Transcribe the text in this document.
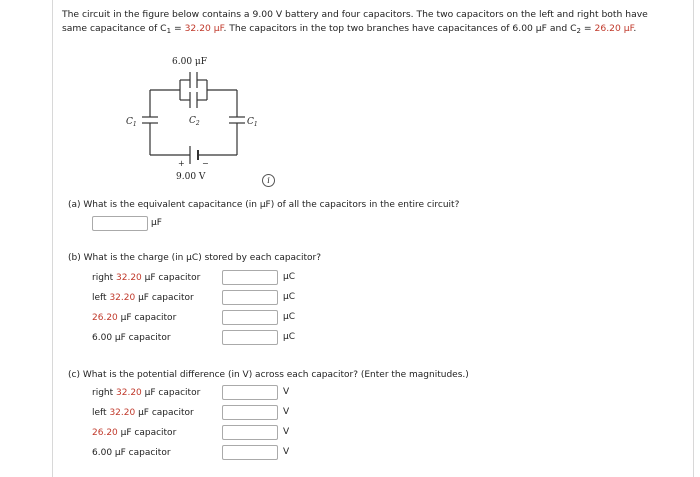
The circuit in the figure below contains a 9.00 V battery and four capacitors. The two capacitors on the left and right both have
same capacitance of $C_1 = 32.20$ μF. The capacitors in the top two branches have capacitances of 6.00 μF and $C_2 = 26.20$ μF.
6.00 μF
$C_2$
$C_1$	$C_1$
+ −
9.00 V	i
(a) What is the equivalent capacitance (in μF) of all the capacitors in the entire circuit?
μF
(b) What is the charge (in μC) stored by each capacitor?
right 32.20 μF capacitor	μC
left 32.20 μF capacitor	μC
26.20 μF capacitor	μC
6.00 μF capacitor	μC
(c) What is the potential difference (in V) across each capacitor? (Enter the magnitudes.)
right 32.20 μF capacitor	V
left 32.20 μF capacitor	V
26.20 μF capacitor	V
6.00 μF capacitor	V
